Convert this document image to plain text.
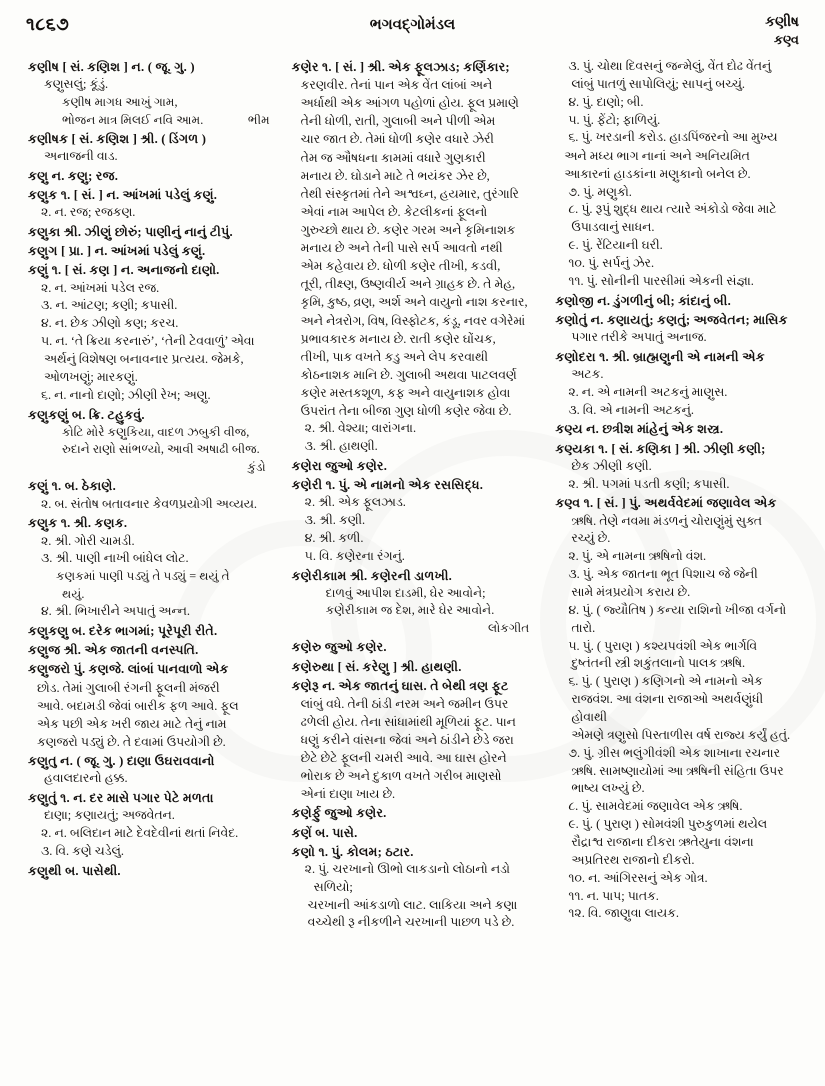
૧૮૬૭	ભગવદ્ગોમંડલ	કણીષ
કણ્વ
કણીષ [ સં. કણિશ ] ન. ( જૂ. ગુ. )
કણુસલું; કૂંડું.
કણીષ માગધ આખું ગામ,
ભોજન માત્ર મિલઈ નવિ આમ.	ભીમ
કણીષક [ સં. કણિશ ] શ્રી. ( ડિંગળ )
અનાજની વાડ.
કણુ ન. કણુ; રજ.
કણુક ૧. [ સં. ] ન. આંખમાં પડેલું કણું.
૨. ન. રજ; રજકણ.
કણુકા શ્રી. ઝીણું છોરું; પાણીનું નાનું ટીપું.
કણુગ [ પ્રા. ] ન. આંખમાં પડેલું કણું.
કણું ૧. [ સં. કણ ] ન. અનાજનો દાણો.
૨. ન. આંખમાં પડેલ રજ.
૩. ન. આંટણ; કણી; કપાસી.
૪. ન. છેક ઝીણો કણ; કરચ.
૫. ન. ‘તે ક્રિયા કરનારું’, ‘તેની ટેવવાળું’ એવા
અર્થનું વિશેષણ બનાવનાર પ્રત્યય. જેમકે,
ઓળખણું; મારકણું.
૬. ન. નાનો દાણો; ઝીણી રેખ; અણુ.
કણુકણું બ. ક્રિ. ટહુકવું.
કોટિ મોરે કણુકિયા, વાદળ ઝબુકી વીજ,
રુદાને રાણો સાંભળ્યો, આવી અષાઢી બીજ.
કુંડો
કણું ૧. બ. ઠેકાણે.
૨. બ. સંતોષ બતાવનાર કેવળપ્રયોગી અવ્યય.
કણુક ૧. શ્રી. કણક.
૨. શ્રી. ગોરી ચામડી.
૩. શ્રી. પાણી નાખી બાંધેલ લોટ.
કણકમાં પાણી પડ્યું તે પડ્યું = થયું તે
થયું.
૪. શ્રી. ભિખારીને અપાતું અન્ન.
કણુકણુ બ. દરેક ભાગમાં; પૂરેપૂરી રીતે.
કણુજ શ્રી. એક જાતની વનસ્પતિ.
કણુજરો પું. કણજે. લાંબાં પાનવાળો એક
છોડ. તેમાં ગુલાબી રંગની ફૂલની મંજરી
આવે. બદામડી જેવાં બારીક ફળ આવે. ફૂલ
એક પછી એક ખરી જાય માટે તેનું નામ
કણજરો પડ્યું છે. તે દવામાં ઉપયોગી છે.
કણુતુ ન. ( જૂ. ગુ. ) દાણા ઉઘરાવવાનો
હવાલદારનો હક્ક.
કણુતું ૧. ન. દર માસે પગાર પેટે મળતા
દાણા; કણાયતું; અજવેતન.
૨. ન. બલિદાન માટે દેવદેવીનાં થતાં નિવેદ.
૩. વિ. કણે ચડેલું.
કણુથી બ. પાસેથી.
કણેર ૧. [ સં. ] શ્રી. એક ફૂલઝાડ; કર્ણિકાર;
કરણવીર. તેનાં પાન એક વેંત લાંબાં અને
અર્ધાથી એક આંગળ પહોળાં હોય. ફૂલ પ્રમાણે
તેની ધોળી, રાતી, ગુલાબી અને પીળી એમ
ચાર જાત છે. તેમાં ધોળી કણેર વધારે ઝેરી
તેમ જ ઔષધના કામમાં વધારે ગુણકારી
મનાય છે. ઘોડાને માટે તે ભયંકર ઝેર છે,
તેથી સંસ્કૃતમાં તેને અશ્વઘ્ન, હયમાર, તુરંગારિ
એવાં નામ આપેલ છે. કેટલીકનાં ફૂલનો
ગુરુચ્છો થાય છે. કણેર ગરમ અને કૃમિનાશક
મનાય છે અને તેની પાસે સર્પ આવતો નથી
એમ કહેવાય છે. ધોળી કણેર તીખી, કડવી,
તૂરી, તીક્ષ્ણ, ઉષ્ણવીર્ય અને ગ્રાહક છે. તે મેહ,
કૃમિ, કુષ્ઠ, વ્રણ, અર્શ અને વાયુનો નાશ કરનાર,
અને નેત્રરોગ, વિષ, વિસ્ફોટક, કંડૂ, નવર વગેરેમાં
પ્રભાવકારક મનાય છે. રાતી કણેર ઘોંચક,
તીખી, પાક વખતે કડુ અને લેપ કરવાથી
કોઠનાશક માનિ છે. ગુલાબી અથવા પાટલવર્ણ
કણેર મસ્તકશૂળ, કફ અને વાયુનાશક હોવા
ઉપરાંત તેના બીજા ગુણ ધોળી કણેર જેવા છે.
૨. શ્રી. વેશ્યા; વારાંગના.
૩. શ્રી. હાથણી.
કણેરા જુઓ કણેર.
કણેરી ૧. પું. એ નામનો એક રસસિદ્ધ.
૨. શ્રી. એક ફૂલઝાડ.
૩. શ્રી. કણી.
૪. શ્રી. કળી.
૫. વિ. કણેરના રંગનું.
કણેરીકાામ શ્રી. કણેરની ડાળખી.
દાળવું આપીશ દાડમી, ઘેર આવોને;
કણેરીકાામ જ દેશ, મારે ઘેર આવોને.
લોકગીત
કણેરુ જુઓ કણેર.
કણેરુથા [ સં. કરેણુ ] શ્રી. હાથણી.
કણેરૂ ન. એક જાતનું ઘાસ. તે બેથી ત્રણ ફૂટ
લાંબું વધે. તેની ઠાંડી નરમ અને જમીન ઉપર
ઢળેલી હોય. તેના સાંધામાંથી મૂળિયાં ફૂટ. પાન
ધણું કરીને વાંસના જેવાં અને ઠાંડીને છેડે જરા
છેટે છેટે ફૂલની ચમરી આવે. આ ઘાસ હોરને
ભોરાક છે અને દુકાળ વખતે ગરીબ માણસો
એનાં દાણા ખાય છે.
કણેર્ફુ જુઓ કણેર.
કણેં બ. પાસે.
કણો ૧. પું. કોલમ; ઠટાર.
૨. પું. ચરખાનો ઊભો લાકડાનો લોઠાનો નડો સળિયો;
ચરખાની આંકડાળો લાટ. લાકિયા અને કણા
વચ્ચેથી રૂ નીકળીને ચરખાની પાછળ પડે છે.
૩. પું. ચોથા દિવસનું જન્મેલું, વેંત દોઢ વેંતનું
લાંબું પાતળું સાપોલિયું; સાપનું બચ્ચું.
૪. પું. દાણો; બી.
૫. પું. ફેંટો; ફાળિયું.
૬. પું. ખરડાની કરોડ. હાડપિંજરનો આ મુખ્ય
અને મધ્ય ભાગ નાનાં અને અનિયમિત
આકારનાં હાડકાંના મણુકાનો બનેલ છે.
૭. પું. મણુકો.
૮. પું. રૂપું શુદ્ધ થાય ત્યારે અંકોડો જેવા માટે
ઉપાડવાનું સાધન.
૯. પું. રેંટિયાની ઘરી.
૧૦. પું. સર્પનું ઝેર.
૧૧. પું. સોનીની પારસીમાં એકની સંજ્ઞા.
કણોજી ન. ડુંગળીનું બી; કાંદાનું બી.
કણોતું ન. કણાયતું; કણતું; અજવેતન; માસિક
પગાર તરીકે અપાતું અનાજ.
કણોદરા ૧. શ્રી. બ્રાહ્મણુની એ નામની એક
અટક.
૨. ન. એ નામની અટકનું માણુસ.
૩. વિ. એ નામની અટકનું.
કણ્ય ન. છત્રીશ માંહેનું એક શસ્ત્ર.
કણ્યકા ૧. [ સં. કણિકા ] શ્રી. ઝીણી કણી;
છેક ઝીણી કણી.
૨. શ્રી. પગમાં પડતી કણી; કપાસી.
કણ્વ ૧. [ સં. ] પું. અથર્વવેદમાં જણાવેલ એક
ઋષિ. તેણે નવમા મંડળનું ચોરાણુંમું સુક્ત
રચ્યું છે.
૨. પું. એ નામના ઋષિનો વંશ.
૩. પું. એક જાતના ભૂત પિશાચ જે જેની
સામે મંત્રપ્રયોગ કરાય છે.
૪. પું. ( જ્યૌતિષ ) કન્યા રાશિનો ખીજા વર્ગનો
તારો.
૫. પું. ( પુરાણ ) કશ્યપવંશી એક ભાર્ગવિ
દુષ્તંતની સ્ત્રી શકુંતલાનો પાલક ઋષિ.
૬. પું. ( પુરાણ ) કણિગનો એ નામનો એક
રાજવંશ. આ વંશના રાજાઓ અથર્વણુંધી હોવાથી
એમણે ત્રણુસો પિસ્તાળીસ વર્ષ રાજ્ય કર્યું હતું.
૭. પું. ગ્રીસ ભલુંગીવંશી એક શાખાના રચનાર
ઋષિ. સામષ્ણાયોમાં આ ઋષિની સંહિતા ઉપર
ભાષ્ય લખ્યું છે.
૮. પું. સામવેદમાં જણાવેલ એક ઋષિ.
૯. પું. ( પુરાણ ) સોમવંશી પુરુકુળમાં થયેલ
રૌદ્રાશ્વ રાજાના દીકરા ઋતેયુના વંશના
અપ્રતિરથ રાજાનો દીકરો.
૧૦. ન. આંગિરસનું એક ગોત્ર.
૧૧. ન. પાપ; પાતક.
૧૨. વિ. જાણુવા લાયક.
